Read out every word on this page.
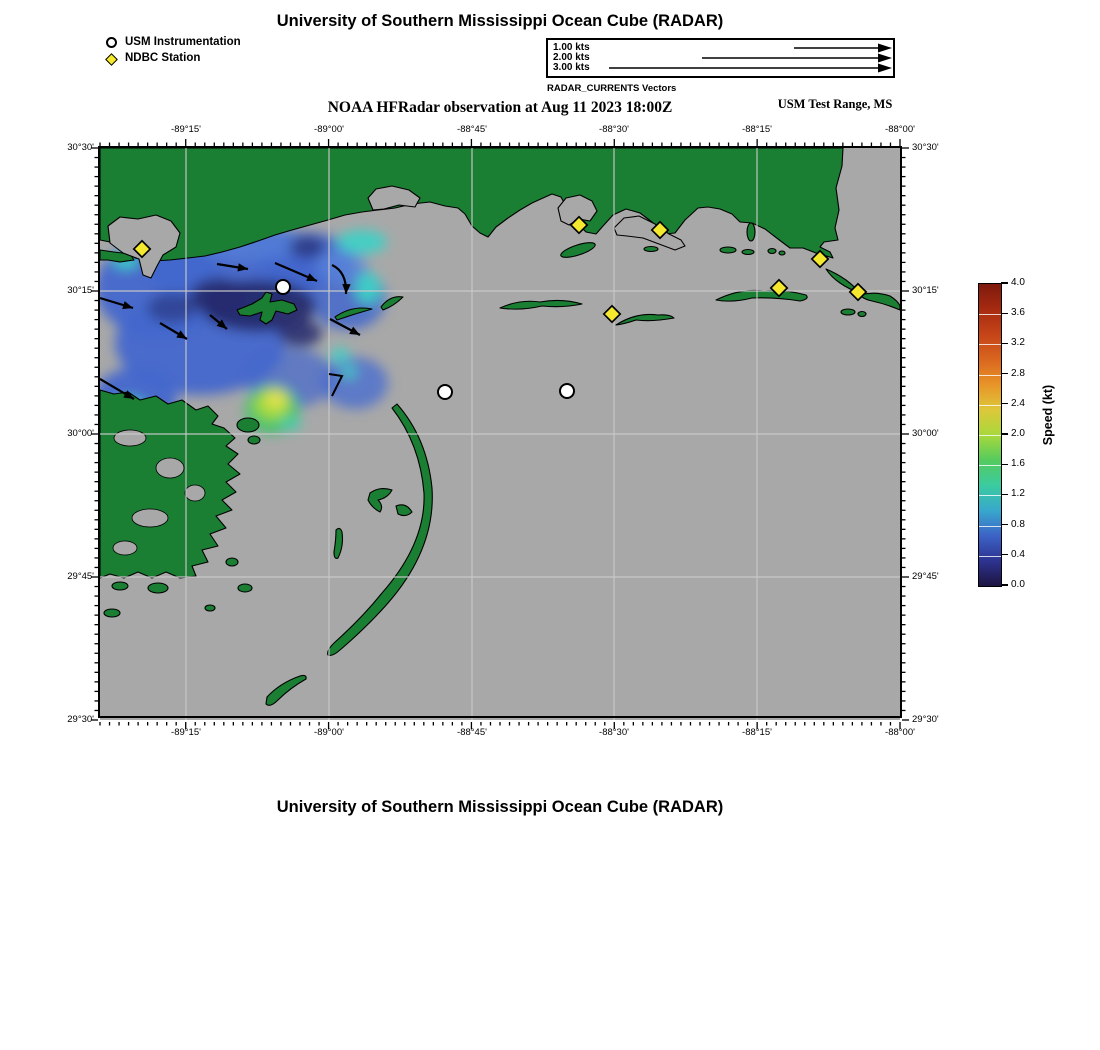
University of Southern Mississippi Ocean Cube (RADAR)
USM Instrumentation
NDBC Station
1.00 kts
2.00 kts
3.00 kts
RADAR_CURRENTS Vectors
NOAA HFRadar observation at Aug 11 2023 18:00Z	USM Test Range, MS
Speed (kt)
University of Southern Mississippi Ocean Cube (RADAR)
-89°15'
-89°15'
-89°00'
-89°00'
-88°45'
-88°45'
-88°30'
-88°30'
-88°15'
-88°15'
-88°00'
-88°00'
30°30'	30°30'
30°15'	30°15'
30°00'	30°00'
29°45'	29°45'
29°30'	29°30'
4.0
3.6
3.2
2.8
2.4
2.0
1.6
1.2
0.8
0.4
0.0
